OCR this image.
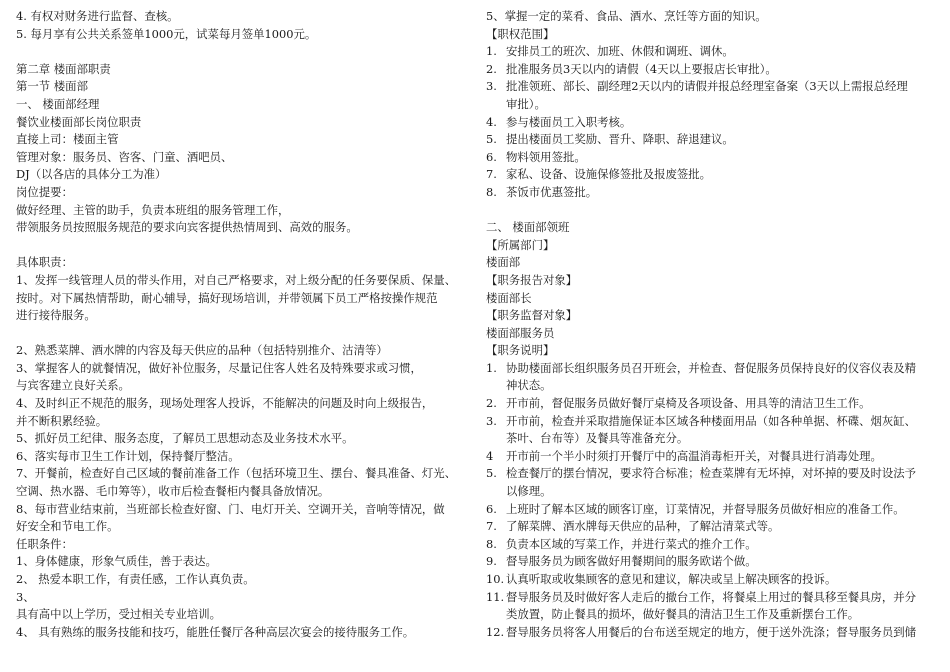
4. 有权对财务进行监督、查核。
5. 每月享有公共关系签单1000元，试菜每月签单1000元。
第二章 楼面部职责
第一节 楼面部
一、 楼面部经理
餐饮业楼面部长岗位职责
直接上司：楼面主管
管理对象：服务员、咨客、门童、酒吧员、
DJ（以各店的具体分工为准）
岗位提要：
做好经理、主管的助手，负责本班组的服务管理工作，
带领服务员按照服务规范的要求向宾客提供热情周到、高效的服务。
具体职责：
1、发挥一线管理人员的带头作用，对自己严格要求，对上级分配的任务要保质、保量、
按时。对下属热情帮助，耐心辅导，搞好现场培训，并带领属下员工严格按操作规范
进行接待服务。
2、熟悉菜牌、酒水牌的内容及每天供应的品种（包括特别推介、沽清等）
3、掌握客人的就餐情况，做好补位服务，尽量记住客人姓名及特殊要求或习惯，
与宾客建立良好关系。
4、及时纠正不规范的服务，现场处理客人投诉，不能解决的问题及时向上级报告，
并不断积累经验。
5、抓好员工纪律、服务态度，了解员工思想动态及业务技术水平。
6、落实每市卫生工作计划，保持餐厅整洁。
7、开餐前，检查好自己区域的餐前准备工作（包括环境卫生、摆台、餐具准备、灯光、
空调、热水器、毛巾筹等），收市后检查餐柜内餐具备放情况。
8、每市营业结束前，当班部长检查好窗、门、电灯开关、空调开关，音响等情况，做
好安全和节电工作。
任职条件：
1、身体健康，形象气质佳，善于表达。
2、 热爱本职工作，有责任感，工作认真负责。
3、
具有高中以上学历，受过相关专业培训。
4、 具有熟练的服务技能和技巧，能胜任餐厅各种高层次宴会的接待服务工作。
5、掌握一定的菜肴、食品、酒水、烹饪等方面的知识。
【职权范围】
1. 安排员工的班次、加班、休假和调班、调休。
2. 批准服务员3天以内的请假（4天以上要报店长审批）。
3. 批准领班、部长、副经理2天以内的请假并报总经理室备案（3天以上需报总经理
审批）。
4. 参与楼面员工入职考核。
5. 提出楼面员工奖励、晋升、降职、辞退建议。
6. 物料领用签批。
7. 家私、设备、设施保修签批及报废签批。
8. 茶饭市优惠签批。
二、 楼面部领班
【所属部门】
楼面部
【职务报告对象】
楼面部长
【职务监督对象】
楼面部服务员
【职务说明】
1. 协助楼面部长组织服务员召开班会，并检查、督促服务员保持良好的仪容仪表及精
神状态。
2. 开市前，督促服务员做好餐厅桌椅及各项设备、用具等的清洁卫生工作。
3. 开市前，检查并采取措施保证本区域各种楼面用品（如各种单据、杯碟、烟灰缸、
茶叶、台布等）及餐具等准备充分。
4 开市前一个半小时须打开餐厅中的高温消毒柜开关，对餐具进行消毒处理。
5. 检查餐厅的摆台情况，要求符合标准；检查菜牌有无坏掉，对坏掉的要及时设法予
以修理。
6. 上班时了解本区域的顾客订座，订菜情况，并督导服务员做好相应的准备工作。
7. 了解菜牌、酒水牌每天供应的品种，了解沽清菜式等。
8. 负责本区域的写菜工作，并进行菜式的推介工作。
9. 督导服务员为顾客做好用餐期间的服务欧诺个做。
10. 认真听取或收集顾客的意见和建议，解决或呈上解决顾客的投诉。
11. 督导服务员及时做好客人走后的撤台工作，将餐桌上用过的餐具移至餐具房，并分
类放置，防止餐具的损坏，做好餐具的清洁卫生工作及重新摆台工作。
12. 督导服务员将客人用餐后的台布送至规定的地方，便于送外洗涤；督导服务员到储
